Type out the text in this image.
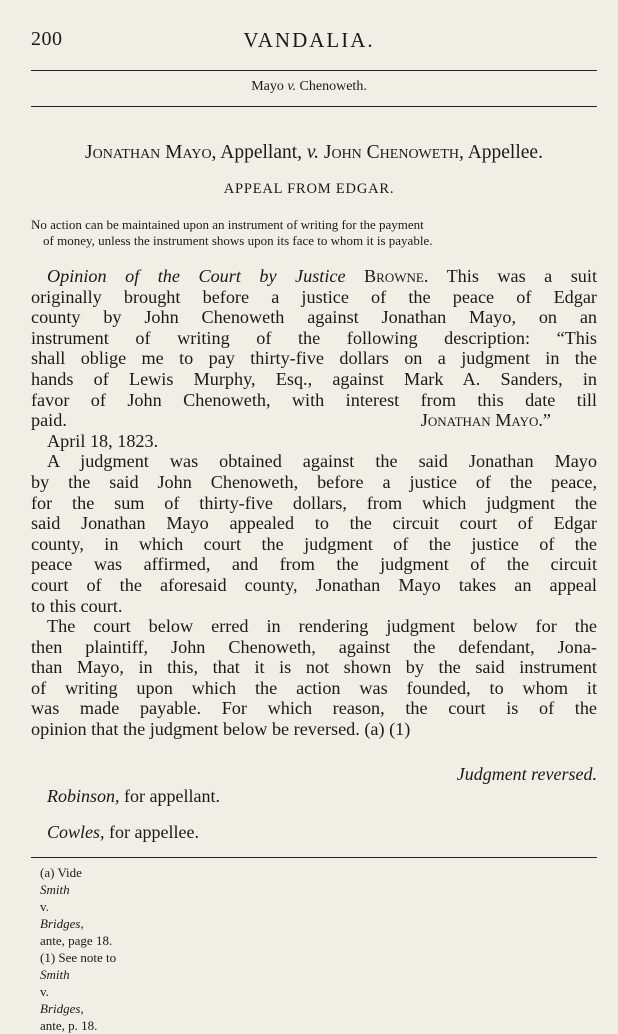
200	VANDALIA.
Mayo v. Chenoweth.
Jonathan Mayo, Appellant, v. John Chenoweth, Appellee.
APPEAL FROM EDGAR.
No action can be maintained upon an instrument of writing for the payment
of money, unless the instrument shows upon its face to whom it is payable.
Opinion of the Court by Justice Browne. This was a suit
originally brought before a justice of the peace of Edgar
county by John Chenoweth against Jonathan Mayo, on an
instrument of writing of the following description: “This
shall oblige me to pay thirty-five dollars on a judgment in the
hands of Lewis Murphy, Esq., against Mark A. Sanders, in
favor of John Chenoweth, with interest from this date till
paid.	Jonathan Mayo.”
April 18, 1823.
A judgment was obtained against the said Jonathan Mayo
by the said John Chenoweth, before a justice of the peace,
for the sum of thirty-five dollars, from which judgment the
said Jonathan Mayo appealed to the circuit court of Edgar
county, in which court the judgment of the justice of the
peace was affirmed, and from the judgment of the circuit
court of the aforesaid county, Jonathan Mayo takes an appeal
to this court.
The court below erred in rendering judgment below for the
then plaintiff, John Chenoweth, against the defendant, Jona-
than Mayo, in this, that it is not shown by the said instrument
of writing upon which the action was founded, to whom it
was made payable. For which reason, the court is of the
opinion that the judgment below be reversed. (a) (1)
Judgment reversed.
Robinson, for appellant.
Cowles, for appellee.
(a) Vide
Smith
v.
Bridges,
ante, page 18.
(1) See note to
Smith
v.
Bridges,
ante, p. 18.
